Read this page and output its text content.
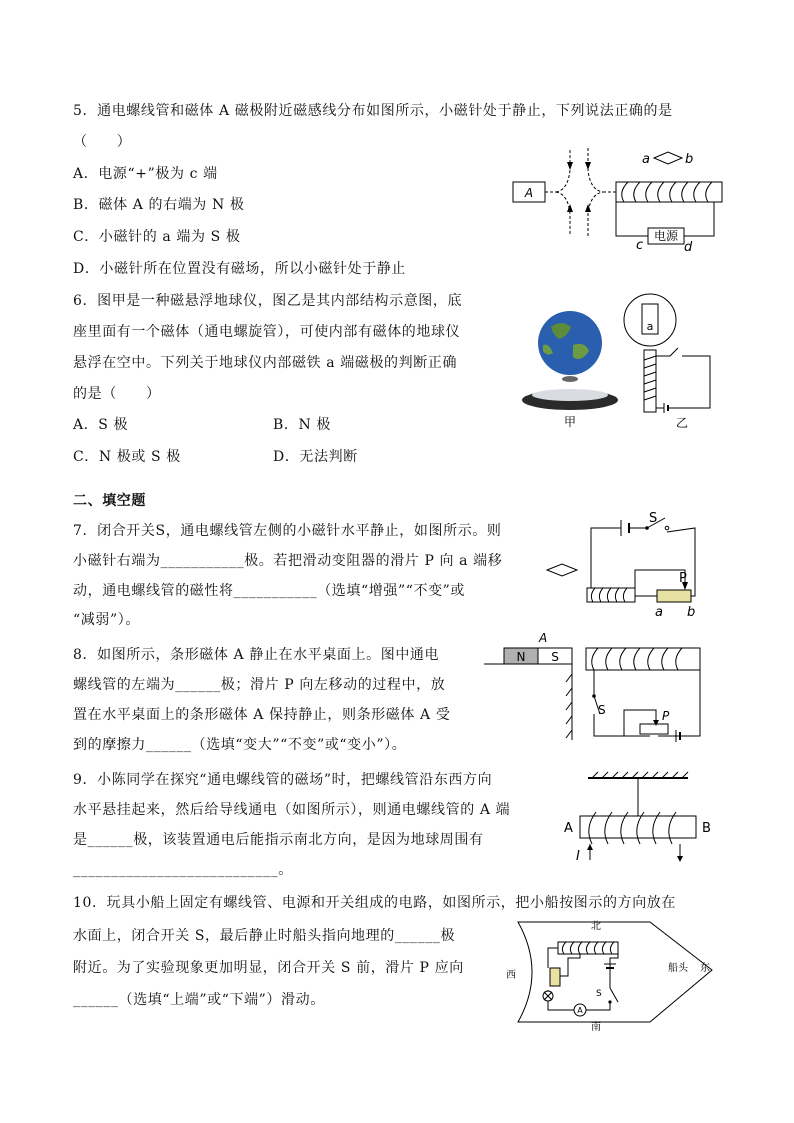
5．通电螺线管和磁体 A 磁极附近磁感线分布如图所示，小磁针处于静止，下列说法正确的是
（　　）
A．电源“+”极为 c 端
B．磁体 A 的右端为 N 极
C．小磁针的 a 端为 S 极
D．小磁针所在位置没有磁场，所以小磁针处于静止
A
a	b
电源
c	d
6．图甲是一种磁悬浮地球仪，图乙是其内部结构示意图，底
座里面有一个磁体（通电螺旋管），可使内部有磁体的地球仪
悬浮在空中。下列关于地球仪内部磁铁 a 端磁极的判断正确
的是（　　）
A．S 极	B．N 极
C．N 极或 S 极	D．无法判断
甲
a
乙
二、填空题
7．闭合开关S，通电螺线管左侧的小磁针水平静止，如图所示。则
小磁针右端为___________极。若把滑动变阻器的滑片 P 向 a 端移
动，通电螺线管的磁性将___________（选填“增强”“不变”或
“减弱”）。
S
P
a b
8．如图所示，条形磁体 A 静止在水平桌面上。图中通电
螺线管的左端为______极；滑片 P 向左移动的过程中，放
置在水平桌面上的条形磁体 A 保持静止，则条形磁体 A 受
到的摩擦力______（选填“变大”“不变”或“变小”）。
A
N S
S	P
9．小陈同学在探究“通电螺线管的磁场”时，把螺线管沿东西方向
水平悬挂起来，然后给导线通电（如图所示），则通电螺线管的 A 端
是______极，该装置通电后能指示南北方向，是因为地球周围有
___________________________。
A	B
I
10．玩具小船上固定有螺线管、电源和开关组成的电路，如图所示，把小船按图示的方向放在
水面上，闭合开关 S，最后静止时船头指向地理的______极
附近。为了实验现象更加明显，闭合开关 S 前，滑片 P 应向
______（选填“上端”或“下端”）滑动。
北
南
西
东
船头
A
S
